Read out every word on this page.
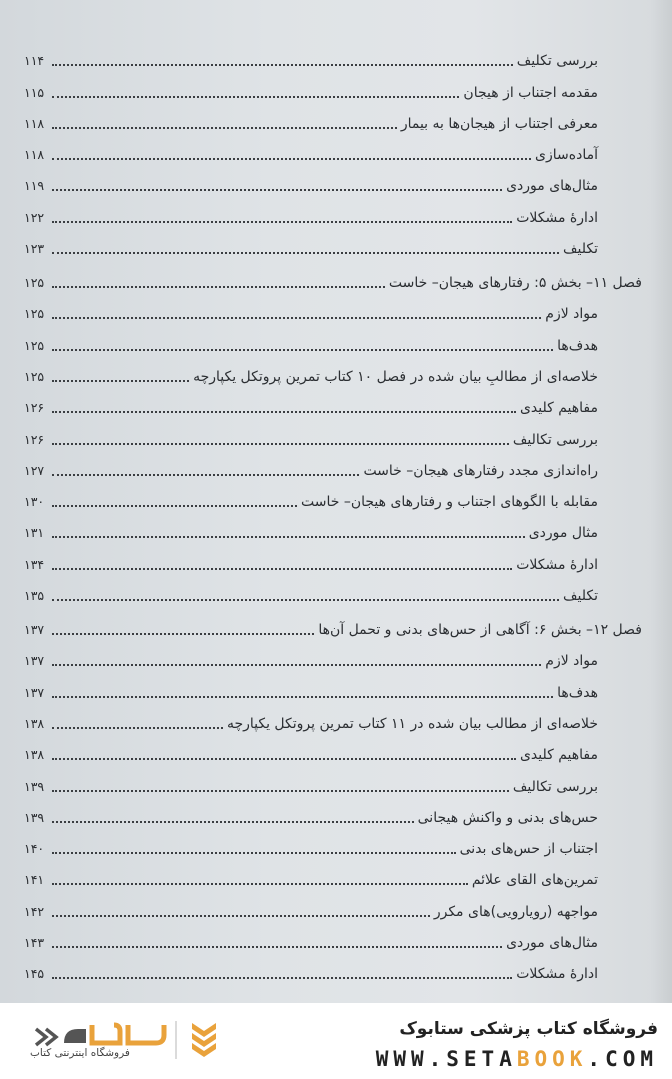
بررسی تکلیف
۱۱۴
مقدمه اجتناب از هیجان
۱۱۵
معرفی اجتناب از هیجان‌ها به بیمار
۱۱۸
آماده‌سازی
۱۱۸
مثال‌های موردی
۱۱۹
ادارهٔ مشکلات
۱۲۲
تکلیف
۱۲۳
فصل ۱۱– بخش ۵: رفتارهای هیجان– خاست
۱۲۵
مواد لازم
۱۲۵
هدف‌ها
۱۲۵
خلاصه‌ای از مطالبِ بیان شده در فصل ۱۰ کتاب تمرین پروتکل یکپارچه
۱۲۵
مفاهیم کلیدی
۱۲۶
بررسی تکالیف
۱۲۶
راه‌اندازی مجدد رفتارهای هیجان– خاست
۱۲۷
مقابله با الگوهای اجتناب و رفتارهای هیجان– خاست
۱۳۰
مثال موردی
۱۳۱
ادارهٔ مشکلات
۱۳۴
تکلیف
۱۳۵
فصل ۱۲– بخش ۶: آگاهی از حس‌های بدنی و تحمل آن‌ها
۱۳۷
مواد لازم
۱۳۷
هدف‌ها
۱۳۷
خلاصه‌ای از مطالب بیان شده در ۱۱ کتاب تمرین پروتکل یکپارچه
۱۳۸
مفاهیم کلیدی
۱۳۸
بررسی تکالیف
۱۳۹
حس‌های بدنی و واکنش هیجانی
۱۳۹
اجتناب از حس‌های بدنی
۱۴۰
تمرین‌های القای علائم
۱۴۱
مواجهه (رویارویی)های مکرر
۱۴۲
مثال‌های موردی
۱۴۳
ادارهٔ مشکلات
۱۴۵
فروشگاه اینترنتی کتاب
فروشگاه کتاب پزشکی ستابوک
WWW.SETABOOK.COM
